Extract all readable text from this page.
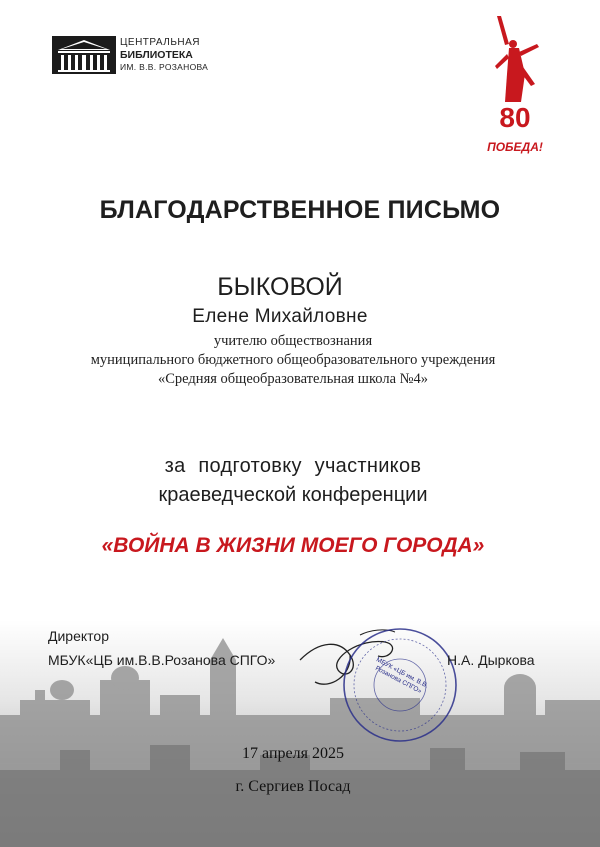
ЦЕНТРАЛЬНАЯ
БИБЛИОТЕКА
ИМ. В.В. РОЗАНОВА
80
ПОБЕДА!
БЛАГОДАРСТВЕННОЕ ПИСЬМО
БЫКОВОЙ
Елене Михайловне
учителю обществознания
муниципального бюджетного общеобразовательного учреждения
«Средняя общеобразовательная школа №4»
за подготовку участников
краеведческой конференции
«ВОЙНА В ЖИЗНИ МОЕГО ГОРОДА»
Директор
МБУК«ЦБ им.В.В.Розанова СПГО»	МБУК «ЦБ им. В.В. Розанова СПГО»
Н.А. Дыркова
17 апреля 2025
г. Сергиев Посад
